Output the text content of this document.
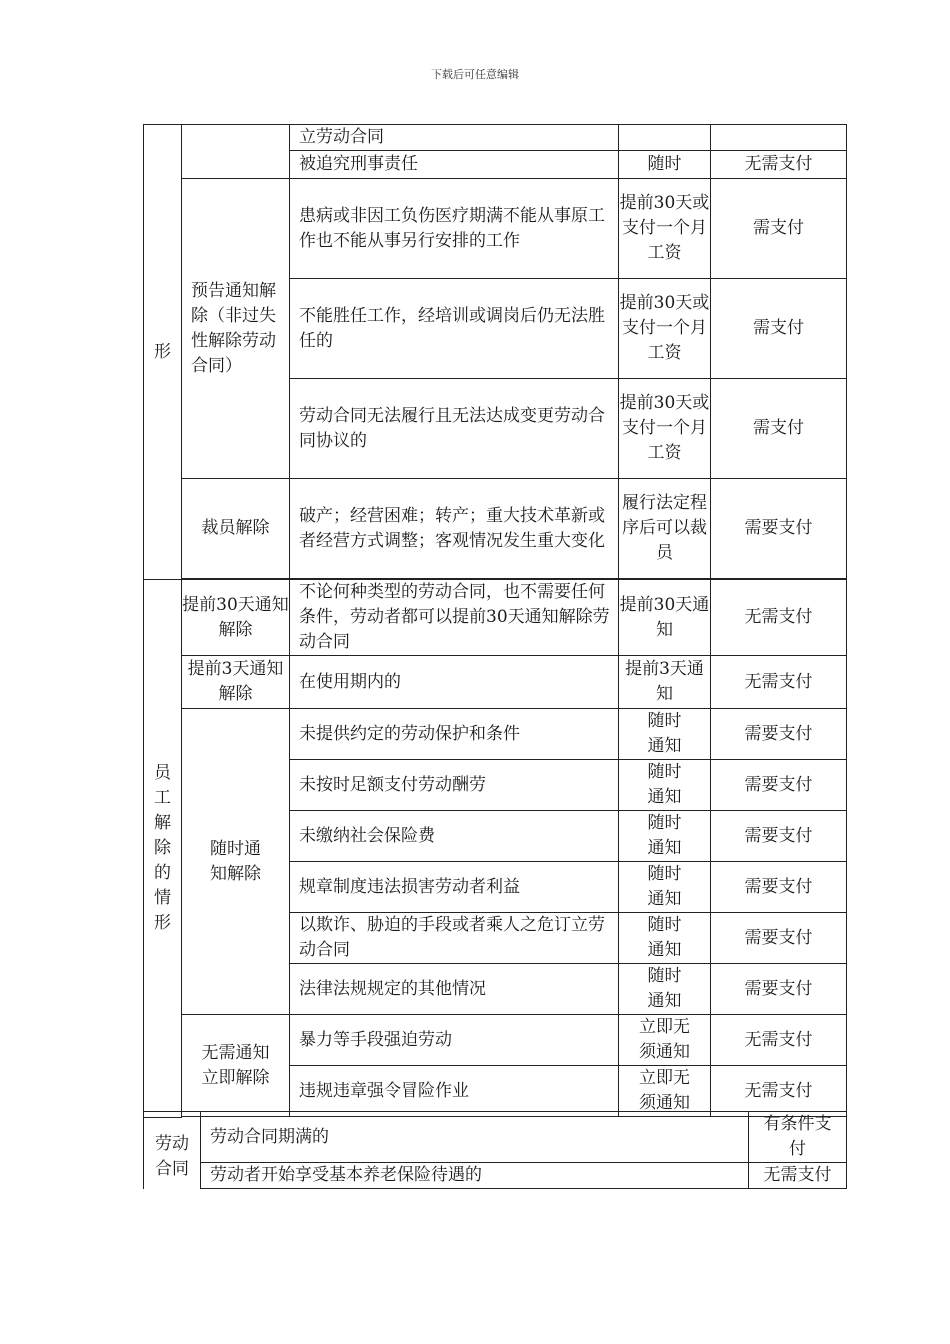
下载后可任意编辑
形		立劳动合同		
		被追究刑事责任	随时	无需支付
	预告通知解除（非过失性解除劳动合同）	患病或非因工负伤医疗期满不能从事原工作也不能从事另行安排的工作	提前30天或支付一个月工资	需支付
		不能胜任工作，经培训或调岗后仍无法胜任的	提前30天或支付一个月工资	需支付
		劳动合同无法履行且无法达成变更劳动合同协议的	提前30天或支付一个月工资	需支付
	裁员解除	破产；经营困难；转产；重大技术革新或者经营方式调整；客观情况发生重大变化	履行法定程序后可以裁员	需要支付

员工解除的情形	提前30天通知解除	不论何种类型的劳动合同，也不需要任何条件，劳动者都可以提前30天通知解除劳动合同	提前30天通知	无需支付
	提前3天通知解除	在使用期内的	提前3天通知	无需支付
	随时通知解除	未提供约定的劳动保护和条件	随时通知	需要支付
		未按时足额支付劳动酬劳	随时通知	需要支付
		未缴纳社会保险费	随时通知	需要支付
		规章制度违法损害劳动者利益	随时通知	需要支付
		以欺诈、胁迫的手段或者乘人之危订立劳动合同	随时通知	需要支付
		法律法规规定的其他情况	随时通知	需要支付
	无需通知立即解除	暴力等手段强迫劳动	立即无须通知	无需支付
		违规违章强令冒险作业	立即无须通知	无需支付

劳动合同	劳动合同期满的	有条件支付
	劳动者开始享受基本养老保险待遇的	无需支付
